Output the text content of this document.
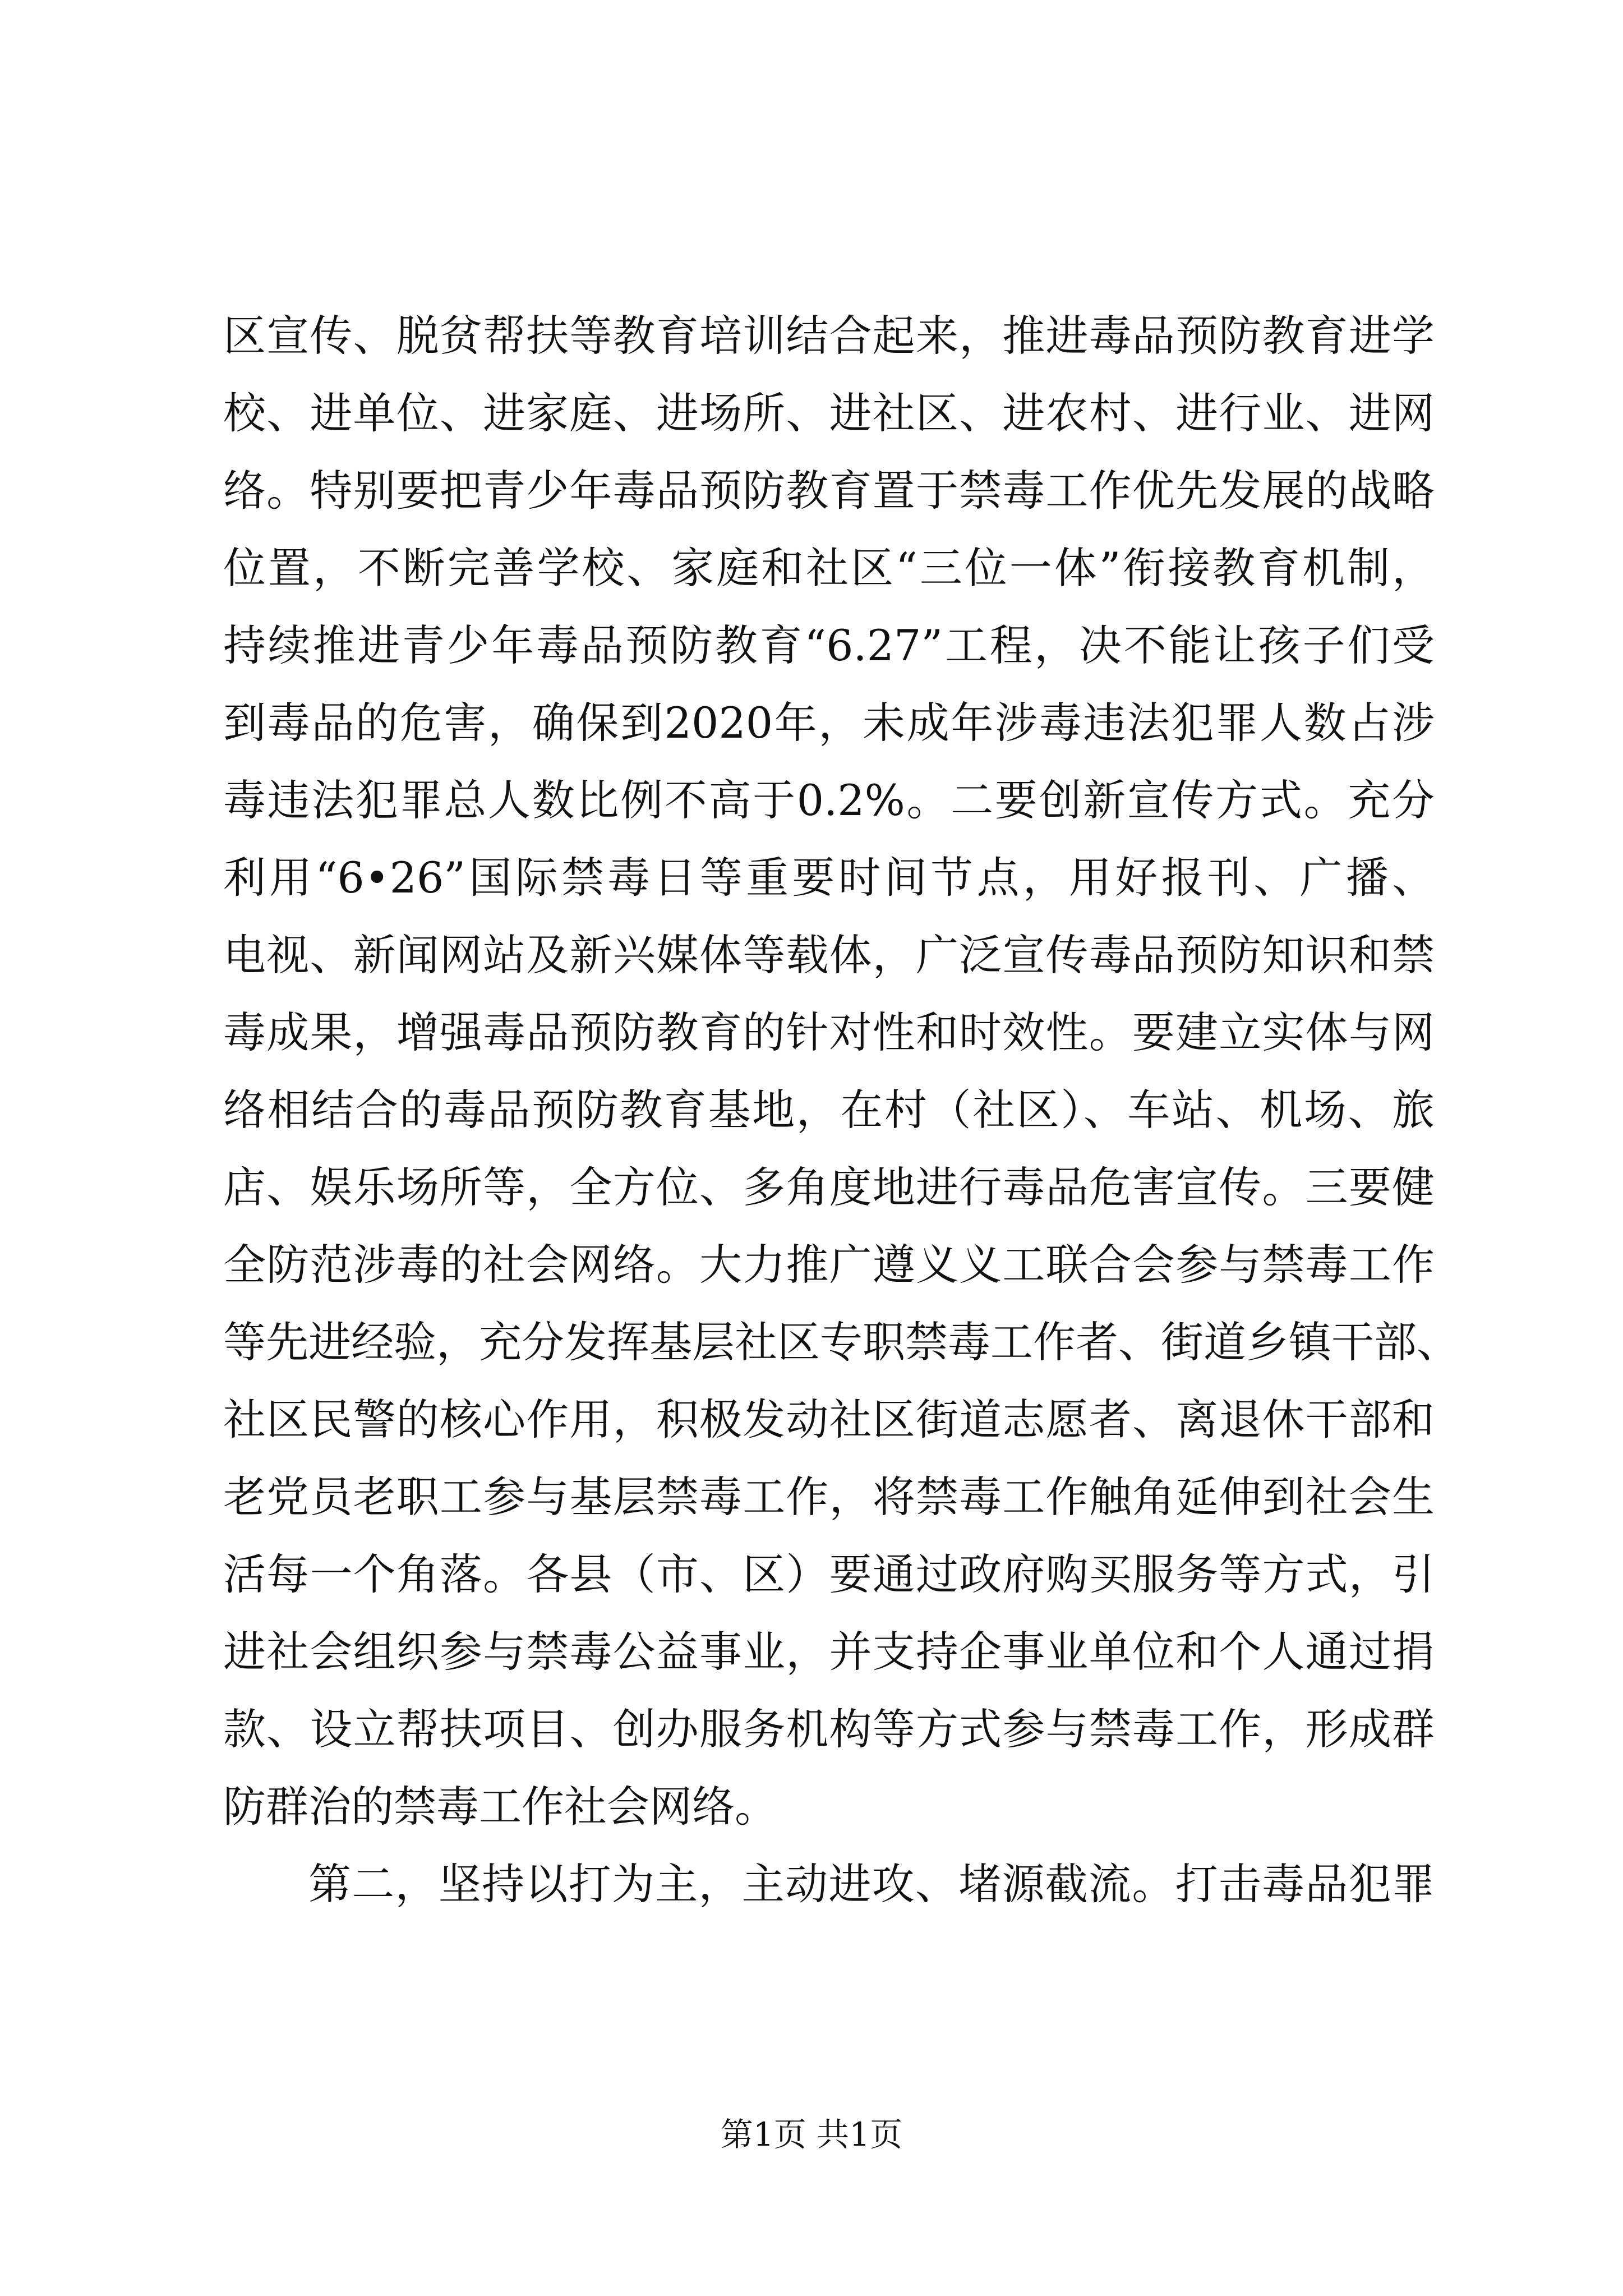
区宣传、脱贫帮扶等教育培训结合起来，推进毒品预防教育进学
校、进单位、进家庭、进场所、进社区、进农村、进行业、进网
络。特别要把青少年毒品预防教育置于禁毒工作优先发展的战略
位置，不断完善学校、家庭和社区“三位一体”衔接教育机制，
持续推进青少年毒品预防教育“6.27”工程，决不能让孩子们受
到毒品的危害，确保到2020年，未成年涉毒违法犯罪人数占涉
毒违法犯罪总人数比例不高于0.2%。二要创新宣传方式。充分
利用“6•26”国际禁毒日等重要时间节点，用好报刊、广播、
电视、新闻网站及新兴媒体等载体，广泛宣传毒品预防知识和禁
毒成果，增强毒品预防教育的针对性和时效性。要建立实体与网
络相结合的毒品预防教育基地，在村（社区）、车站、机场、旅
店、娱乐场所等，全方位、多角度地进行毒品危害宣传。三要健
全防范涉毒的社会网络。大力推广遵义义工联合会参与禁毒工作
等先进经验，充分发挥基层社区专职禁毒工作者、街道乡镇干部、
社区民警的核心作用，积极发动社区街道志愿者、离退休干部和
老党员老职工参与基层禁毒工作，将禁毒工作触角延伸到社会生
活每一个角落。各县（市、区）要通过政府购买服务等方式，引
进社会组织参与禁毒公益事业，并支持企事业单位和个人通过捐
款、设立帮扶项目、创办服务机构等方式参与禁毒工作，形成群
防群治的禁毒工作社会网络。
第二，坚持以打为主，主动进攻、堵源截流。打击毒品犯罪
第1页 共1页
